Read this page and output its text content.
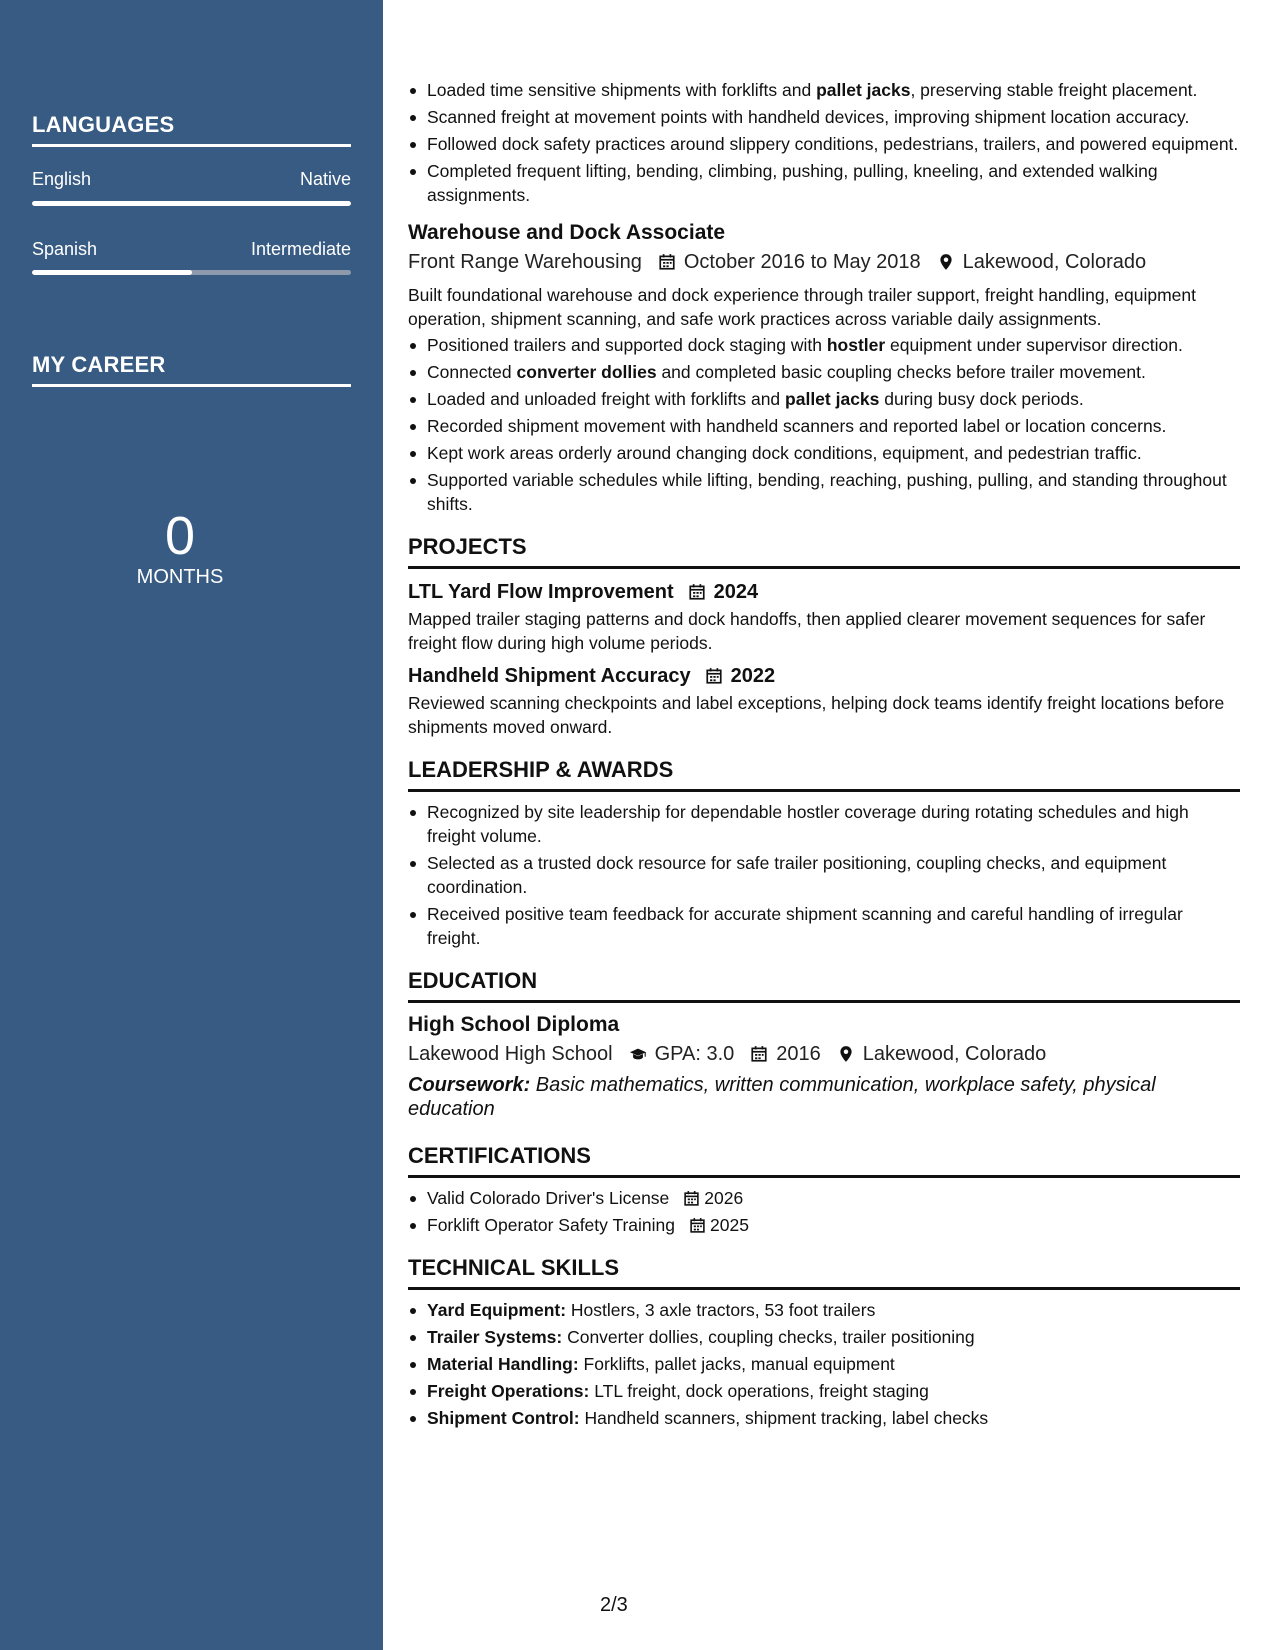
LANGUAGES
English	Native
Spanish	Intermediate
MY CAREER
0
MONTHS
Loaded time sensitive shipments with forklifts and pallet jacks, preserving stable freight placement.
Scanned freight at movement points with handheld devices, improving shipment location accuracy.
Followed dock safety practices around slippery conditions, pedestrians, trailers, and powered equipment.
Completed frequent lifting, bending, climbing, pushing, pulling, kneeling, and extended walking assignments.
Warehouse and Dock Associate
Front Range Warehousing October 2016 to May 2018 Lakewood, Colorado
Built foundational warehouse and dock experience through trailer support, freight handling, equipment operation, shipment scanning, and safe work practices across variable daily assignments.
Positioned trailers and supported dock staging with hostler equipment under supervisor direction.
Connected converter dollies and completed basic coupling checks before trailer movement.
Loaded and unloaded freight with forklifts and pallet jacks during busy dock periods.
Recorded shipment movement with handheld scanners and reported label or location concerns.
Kept work areas orderly around changing dock conditions, equipment, and pedestrian traffic.
Supported variable schedules while lifting, bending, reaching, pushing, pulling, and standing throughout shifts.
PROJECTS
LTL Yard Flow Improvement 2024
Mapped trailer staging patterns and dock handoffs, then applied clearer movement sequences for safer freight flow during high volume periods.
Handheld Shipment Accuracy 2022
Reviewed scanning checkpoints and label exceptions, helping dock teams identify freight locations before shipments moved onward.
LEADERSHIP & AWARDS
Recognized by site leadership for dependable hostler coverage during rotating schedules and high freight volume.
Selected as a trusted dock resource for safe trailer positioning, coupling checks, and equipment coordination.
Received positive team feedback for accurate shipment scanning and careful handling of irregular freight.
EDUCATION
High School Diploma
Lakewood High School GPA: 3.0 2016 Lakewood, Colorado
Coursework: Basic mathematics, written communication, workplace safety, physical education
CERTIFICATIONS
Valid Colorado Driver's License 2026
Forklift Operator Safety Training 2025
TECHNICAL SKILLS
Yard Equipment: Hostlers, 3 axle tractors, 53 foot trailers
Trailer Systems: Converter dollies, coupling checks, trailer positioning
Material Handling: Forklifts, pallet jacks, manual equipment
Freight Operations: LTL freight, dock operations, freight staging
Shipment Control: Handheld scanners, shipment tracking, label checks
2/3
